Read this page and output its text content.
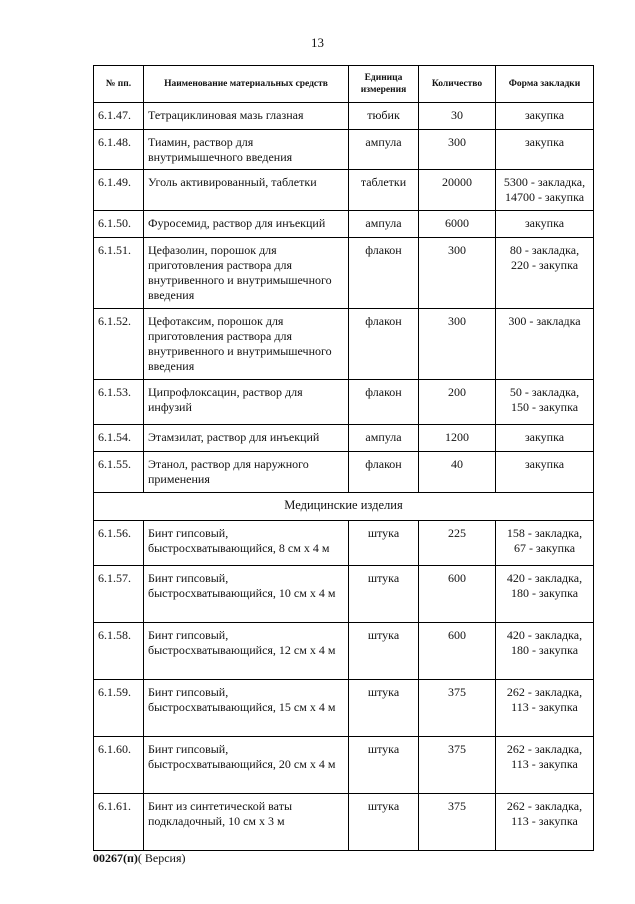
13
№ пп.	Наименование материальных средств	Единица измерения	Количество	Форма закладки
6.1.47.	Тетрациклиновая мазь глазная	тюбик	30	закупка
6.1.48.	Тиамин, раствор для внутримышечного введения	ампула	300	закупка
6.1.49.	Уголь активированный, таблетки	таблетки	20000	5300 - закладка, 14700 - закупка
6.1.50.	Фуросемид, раствор для инъекций	ампула	6000	закупка
6.1.51.	Цефазолин, порошок для приготовления раствора для внутривенного и внутримышечного введения	флакон	300	80 - закладка, 220 - закупка
6.1.52.	Цефотаксим, порошок для приготовления раствора для внутривенного и внутримышечного введения	флакон	300	300 - закладка
6.1.53.	Ципрофлоксацин, раствор для инфузий	флакон	200	50 - закладка, 150 - закупка
6.1.54.	Этамзилат, раствор для инъекций	ампула	1200	закупка
6.1.55.	Этанол, раствор для наружного применения	флакон	40	закупка
Медицинские изделия				
6.1.56.	Бинт гипсовый, быстросхватывающийся, 8 см х 4 м	штука	225	158 - закладка, 67 - закупка
6.1.57.	Бинт гипсовый, быстросхватывающийся, 10 см х 4 м	штука	600	420 - закладка, 180 - закупка
6.1.58.	Бинт гипсовый, быстросхватывающийся, 12 см х 4 м	штука	600	420 - закладка, 180 - закупка
6.1.59.	Бинт гипсовый, быстросхватывающийся, 15 см х 4 м	штука	375	262 - закладка, 113 - закупка
6.1.60.	Бинт гипсовый, быстросхватывающийся, 20 см х 4 м	штука	375	262 - закладка, 113 - закупка
6.1.61.	Бинт из синтетической ваты подкладочный, 10 см х 3 м	штука	375	262 - закладка, 113 - закупка
00267(п)( Версия)
